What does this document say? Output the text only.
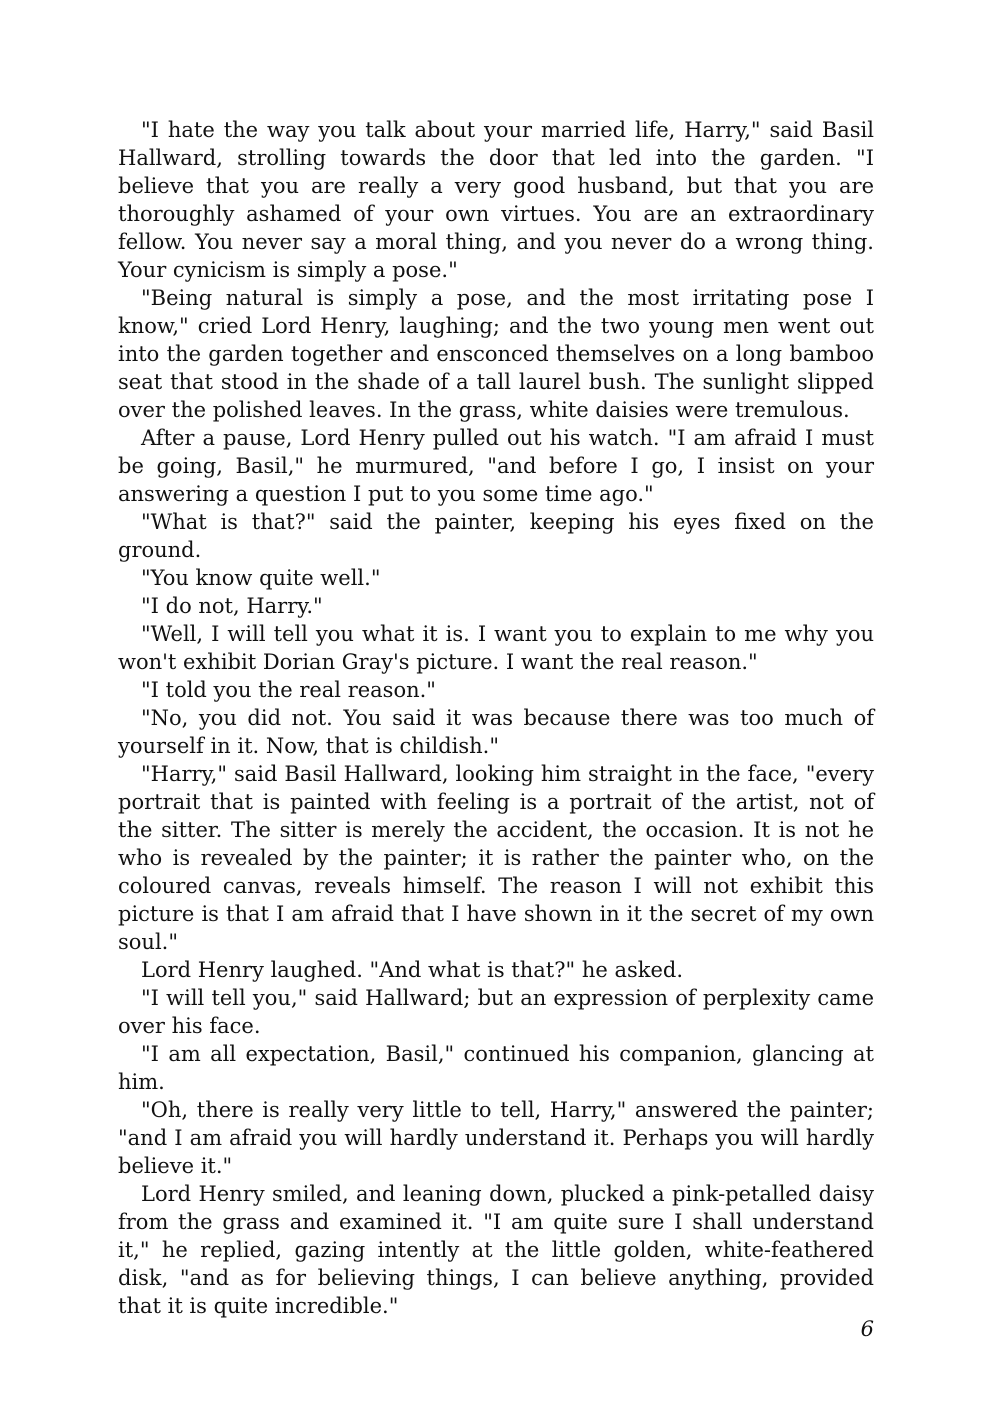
"I hate the way you talk about your married life, Harry," said Basil Hallward, strolling towards the door that led into the garden. "I believe that you are really a very good husband, but that you are thoroughly ashamed of your own virtues. You are an extraordinary fellow. You never say a moral thing, and you never do a wrong thing. Your cynicism is simply a pose."

"Being natural is simply a pose, and the most irritating pose I know," cried Lord Henry, laughing; and the two young men went out into the garden together and ensconced themselves on a long bamboo seat that stood in the shade of a tall laurel bush. The sunlight slipped over the polished leaves. In the grass, white daisies were tremulous.

After a pause, Lord Henry pulled out his watch. "I am afraid I must be going, Basil," he murmured, "and before I go, I insist on your answering a question I put to you some time ago."

"What is that?" said the painter, keeping his eyes fixed on the ground.

"You know quite well."

"I do not, Harry."

"Well, I will tell you what it is. I want you to explain to me why you won't exhibit Dorian Gray's picture. I want the real reason."

"I told you the real reason."

"No, you did not. You said it was because there was too much of yourself in it. Now, that is childish."

"Harry," said Basil Hallward, looking him straight in the face, "every portrait that is painted with feeling is a portrait of the artist, not of the sitter. The sitter is merely the accident, the occasion. It is not he who is revealed by the painter; it is rather the painter who, on the coloured canvas, reveals himself. The reason I will not exhibit this picture is that I am afraid that I have shown in it the secret of my own soul."

Lord Henry laughed. "And what is that?" he asked.

"I will tell you," said Hallward; but an expression of perplexity came over his face.

"I am all expectation, Basil," continued his companion, glancing at him.

"Oh, there is really very little to tell, Harry," answered the painter; "and I am afraid you will hardly understand it. Perhaps you will hardly believe it."

Lord Henry smiled, and leaning down, plucked a pink-petalled daisy from the grass and examined it. "I am quite sure I shall understand it," he replied, gazing intently at the little golden, white-feathered disk, "and as for believing things, I can believe anything, provided that it is quite incredible."

6
